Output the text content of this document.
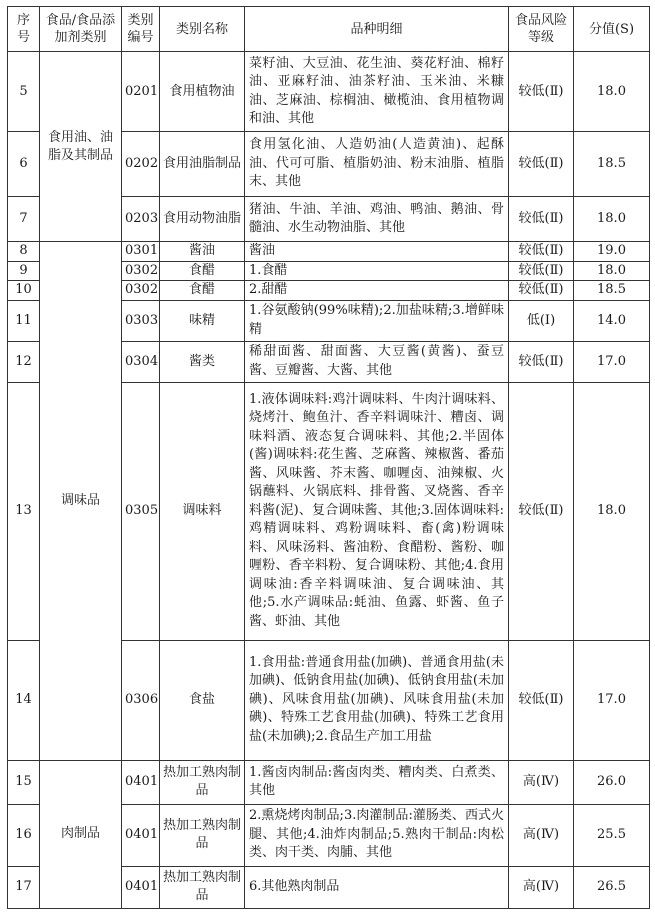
序号	食品/食品添加剂类别	类别编号	类别名称	品种明细	食品风险等级	分值(S)
5	食用油、油脂及其制品	0201	食用植物油	菜籽油、大豆油、花生油、葵花籽油、棉籽油、亚麻籽油、油茶籽油、玉米油、米糠油、芝麻油、棕榈油、橄榄油、食用植物调和油、其他	较低(Ⅱ)	18.0
6		0202	食用油脂制品	食用氢化油、人造奶油(人造黄油)、起酥油、代可可脂、植脂奶油、粉末油脂、植脂末、其他	较低(Ⅱ)	18.5
7		0203	食用动物油脂	猪油、牛油、羊油、鸡油、鸭油、鹅油、骨髓油、水生动物油脂、其他	较低(Ⅱ)	18.0
8	调味品	0301	酱油	酱油	较低(Ⅱ)	19.0
9		0302	食醋	1.食醋	较低(Ⅱ)	18.0
10		0302	食醋	2.甜醋	较低(Ⅱ)	18.5
11		0303	味精	1.谷氨酸钠(99%味精);2.加盐味精;3.增鲜味精	低(Ⅰ)	14.0
12		0304	酱类	稀甜面酱、甜面酱、大豆酱(黄酱)、蚕豆酱、豆瓣酱、大酱、其他	较低(Ⅱ)	17.0
13		0305	调味料	1.液体调味料:鸡汁调味料、牛肉汁调味料、烧烤汁、鲍鱼汁、香辛料调味汁、糟卤、调味料酒、液态复合调味料、其他;2.半固体(酱)调味料:花生酱、芝麻酱、辣椒酱、番茄酱、风味酱、芥末酱、咖喱卤、油辣椒、火锅蘸料、火锅底料、排骨酱、叉烧酱、香辛料酱(泥)、复合调味酱、其他;3.固体调味料:鸡精调味料、鸡粉调味料、畜(禽)粉调味料、风味汤料、酱油粉、食醋粉、酱粉、咖喱粉、香辛料粉、复合调味粉、其他;4.食用调味油:香辛料调味油、复合调味油、其他;5.水产调味品:蚝油、鱼露、虾酱、鱼子酱、虾油、其他	较低(Ⅱ)	18.0
14		0306	食盐	1.食用盐:普通食用盐(加碘)、普通食用盐(未加碘)、低钠食用盐(加碘)、低钠食用盐(未加碘)、风味食用盐(加碘)、风味食用盐(未加碘)、特殊工艺食用盐(加碘)、特殊工艺食用盐(未加碘);2.食品生产加工用盐	较低(Ⅱ)	17.0
15	肉制品	0401	热加工熟肉制品	1.酱卤肉制品:酱卤肉类、糟肉类、白煮类、其他	高(Ⅳ)	26.0
16		0401	热加工熟肉制品	2.熏烧烤肉制品;3.肉灌制品:灌肠类、西式火腿、其他;4.油炸肉制品;5.熟肉干制品:肉松类、肉干类、肉脯、其他	高(Ⅳ)	25.5
17		0401	热加工熟肉制品	6.其他熟肉制品	高(Ⅳ)	26.5
